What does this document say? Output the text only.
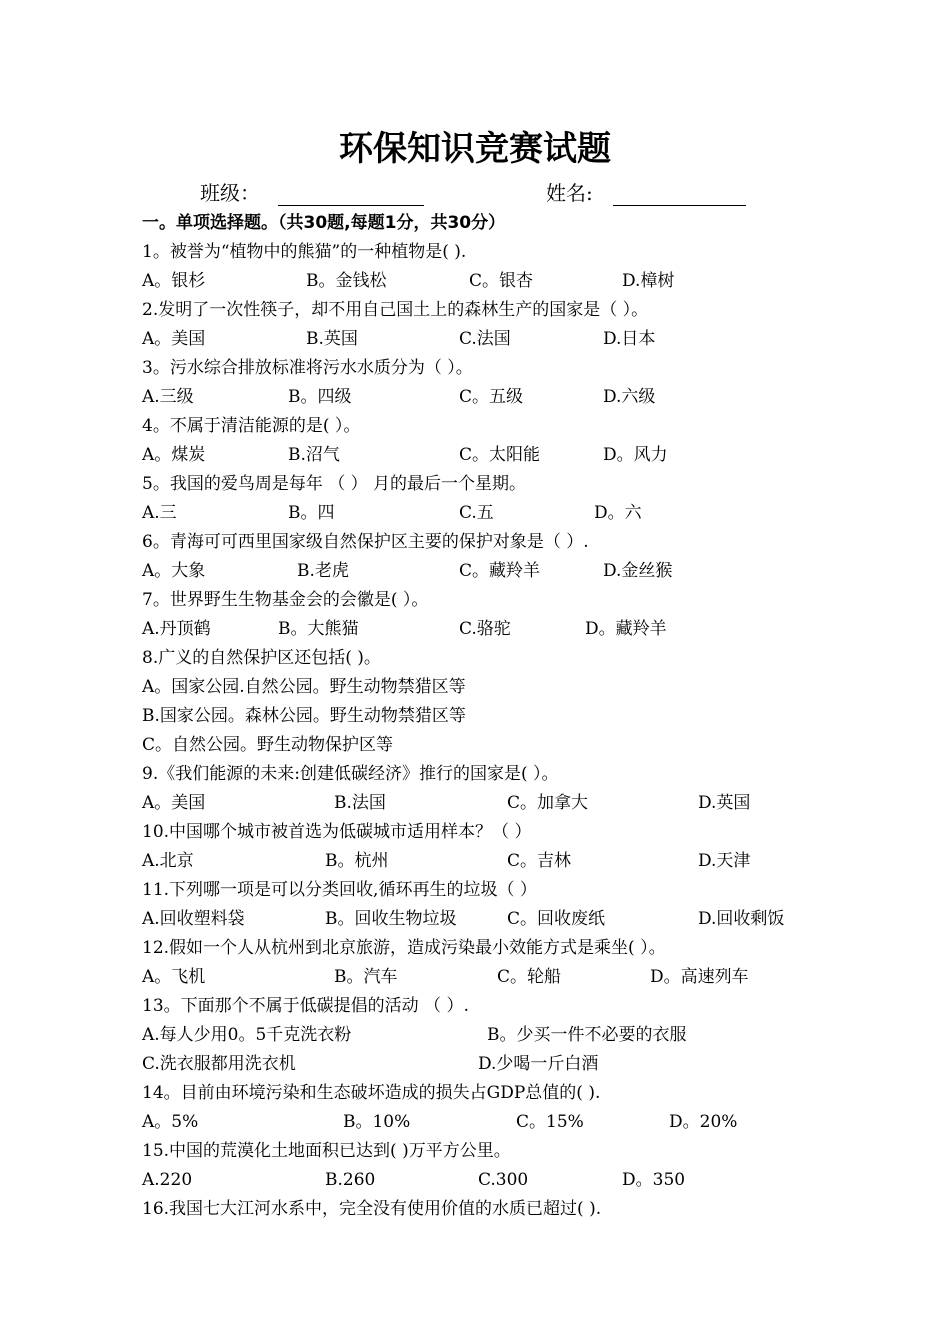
环保知识竞赛试题
班级：	姓名:
一。单项选择题。（共30题,每题1分，共30分）
1。被誉为“植物中的熊猫”的一种植物是( ).
A。银杉	B。金钱松	C。银杏	D.樟树
2.发明了一次性筷子，却不用自己国土上的森林生产的国家是（ ）。
A。美国	B.英国	C.法国	D.日本
3。污水综合排放标准将污水水质分为（ ）。
A.三级	B。四级	C。五级	D.六级
4。不属于清洁能源的是( ）。
A。煤炭	B.沼气	C。太阳能	D。风力
5。我国的爱鸟周是每年 （ ） 月的最后一个星期。
A.三	B。四	C.五	D。六
6。青海可可西里国家级自然保护区主要的保护对象是（ ）.
A。大象	B.老虎	C。藏羚羊	D.金丝猴
7。世界野生生物基金会的会徽是( ）。
A.丹顶鹤	B。大熊猫	C.骆驼	D。藏羚羊
8.广义的自然保护区还包括( )。
A。国家公园.自然公园。野生动物禁猎区等
B.国家公园。森林公园。野生动物禁猎区等
C。自然公园。野生动物保护区等
9.《我们能源的未来:创建低碳经济》推行的国家是( ）。
A。美国	B.法国	C。加拿大	D.英国
10.中国哪个城市被首选为低碳城市适用样本？（ ）
A.北京	B。杭州	C。吉林	D.天津
11.下列哪一项是可以分类回收,循环再生的垃圾（ ）
A.回收塑料袋	B。回收生物垃圾	C。回收废纸	D.回收剩饭
12.假如一个人从杭州到北京旅游，造成污染最小效能方式是乘坐( ）。
A。飞机	B。汽车	C。轮船	D。高速列车
13。下面那个不属于低碳提倡的活动 （ ）.
A.每人少用0。5千克洗衣粉	B。少买一件不必要的衣服
C.洗衣服都用洗衣机	D.少喝一斤白酒
14。目前由环境污染和生态破坏造成的损失占GDP总值的( ).
A。5%	B。10%	C。15%	D。20%
15.中国的荒漠化土地面积已达到( )万平方公里。
A.220	B.260	C.300	D。350
16.我国七大江河水系中，完全没有使用价值的水质已超过( ).
